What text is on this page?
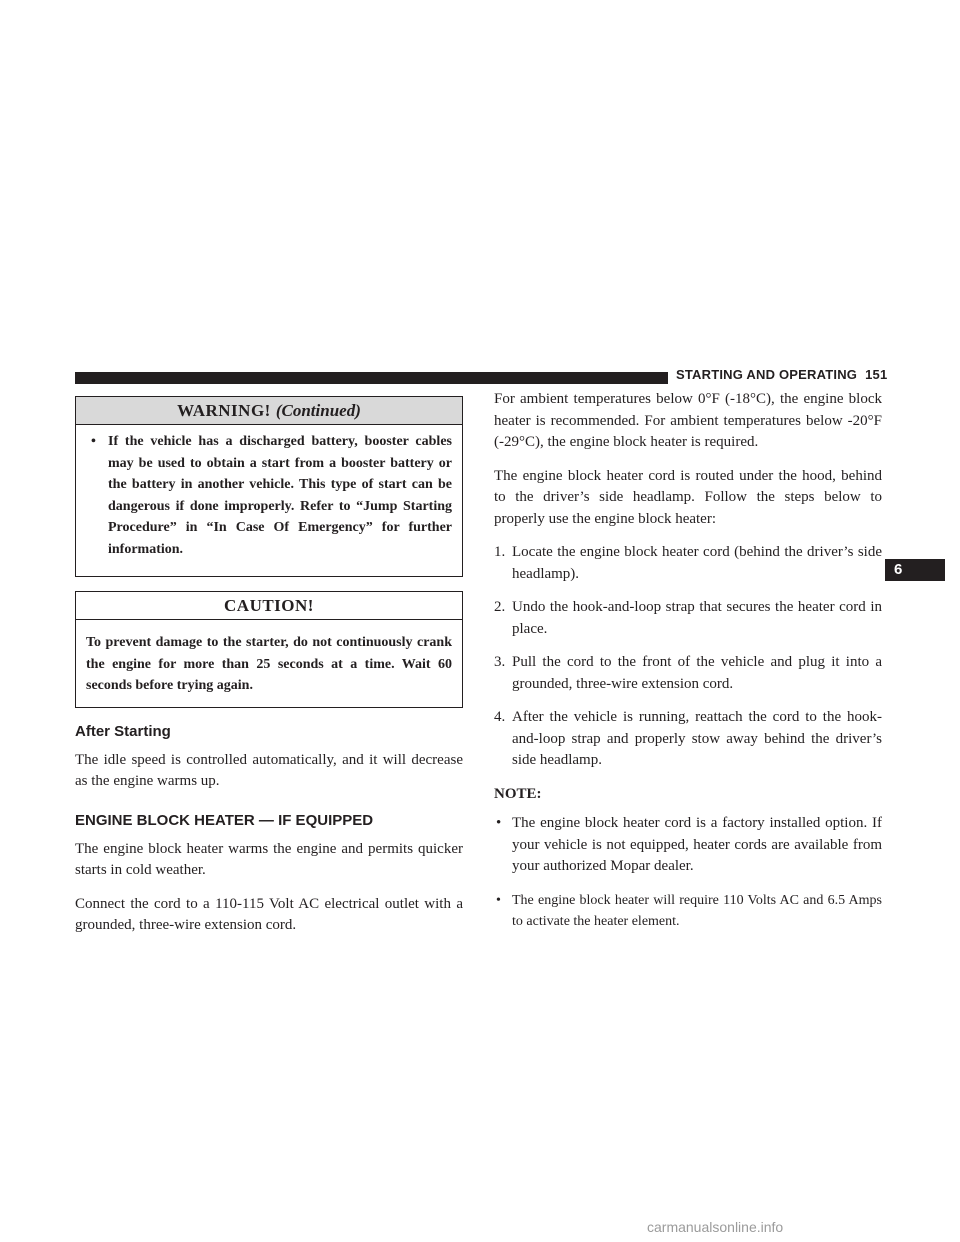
STARTING AND OPERATING 151
WARNING! (Continued)
• If the vehicle has a discharged battery, booster cables may be used to obtain a start from a booster battery or the battery in another vehicle. This type of start can be dangerous if done improperly. Refer to “Jump Starting Procedure” in “In Case Of Emergency” for further information.
CAUTION!
To prevent damage to the starter, do not continuously crank the engine for more than 25 seconds at a time. Wait 60 seconds before trying again.
After Starting

The idle speed is controlled automatically, and it will decrease as the engine warms up.

ENGINE BLOCK HEATER — IF EQUIPPED

The engine block heater warms the engine and permits quicker starts in cold weather.

Connect the cord to a 110-115 Volt AC electrical outlet with a grounded, three-wire extension cord.

For ambient temperatures below 0°F (-18°C), the engine block heater is recommended. For ambient temperatures below -20°F (-29°C), the engine block heater is required.

The engine block heater cord is routed under the hood, behind to the driver’s side headlamp. Follow the steps below to properly use the engine block heater:

1. Locate the engine block heater cord (behind the driver’s side headlamp).
2. Undo the hook-and-loop strap that secures the heater cord in place.
3. Pull the cord to the front of the vehicle and plug it into a grounded, three-wire extension cord.
4. After the vehicle is running, reattach the cord to the hook-and-loop strap and properly stow away behind the driver’s side headlamp.

NOTE:

• The engine block heater cord is a factory installed option. If your vehicle is not equipped, heater cords are available from your authorized Mopar dealer.
• The engine block heater will require 110 Volts AC and 6.5 Amps to activate the heater element.
6
carmanualsonline.info
